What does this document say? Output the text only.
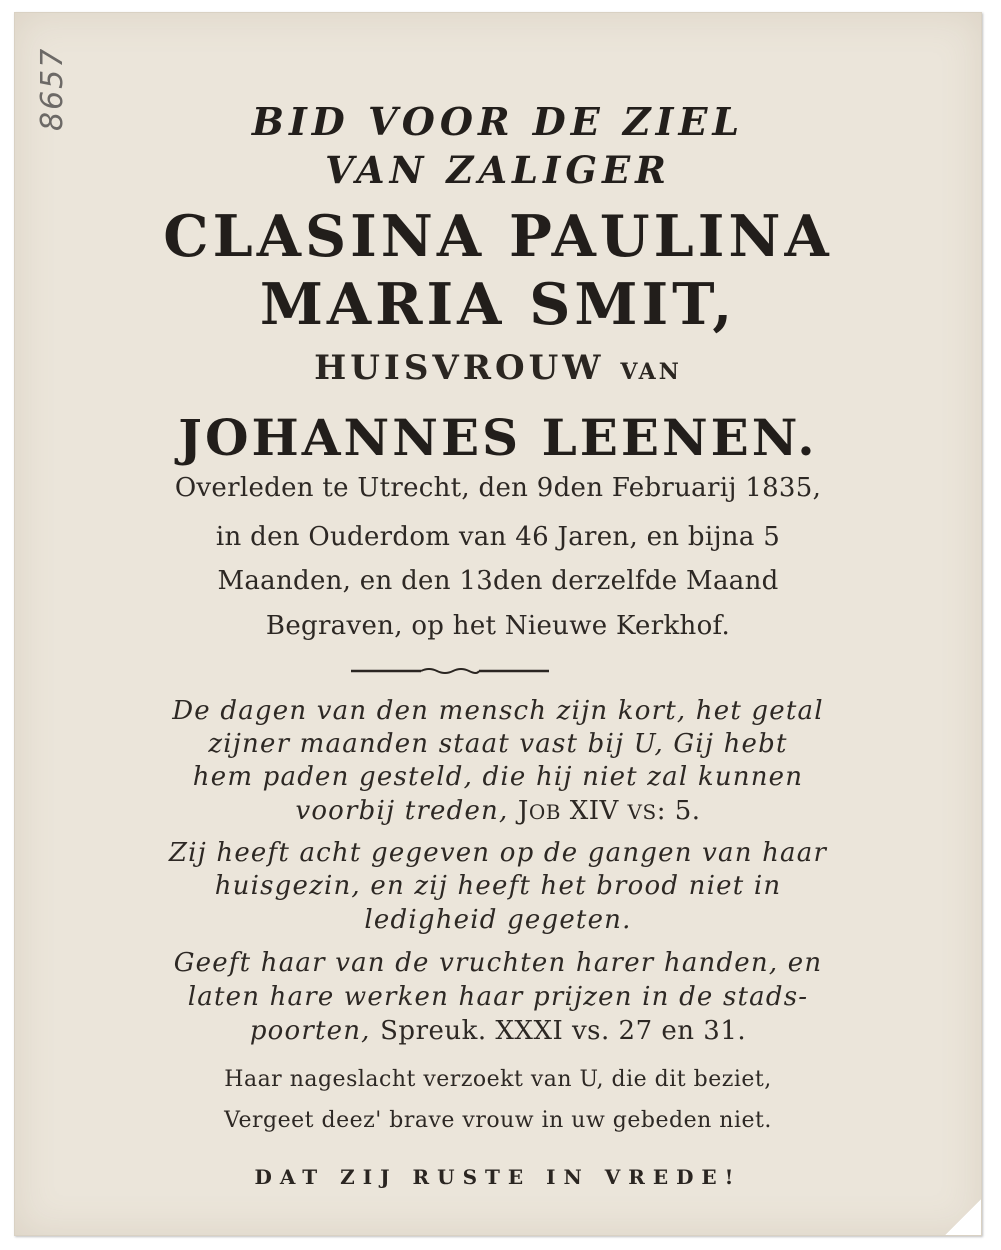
8657	BID VOOR DE ZIEL
VAN ZALIGER
CLASINA PAULINA
MARIA SMIT,
HUISVROUW VAN
JOHANNES LEENEN.
Overleden te Utrecht, den 9den Februarij 1835,
in den Ouderdom van 46 Jaren, en bijna 5
Maanden, en den 13den derzelfde Maand
Begraven, op het Nieuwe Kerkhof.
De dagen van den mensch zijn kort, het getal
zijner maanden staat vast bij U, Gij hebt
hem paden gesteld, die hij niet zal kunnen
voorbij treden, JOB XIV VS: 5.
Zij heeft acht gegeven op de gangen van haar
huisgezin, en zij heeft het brood niet in
ledigheid gegeten.
Geeft haar van de vruchten harer handen, en
laten hare werken haar prijzen in de stads-
poorten, Spreuk. XXXI vs. 27 en 31.
Haar nageslacht verzoekt van U, die dit beziet,
Vergeet deez' brave vrouw in uw gebeden niet.
DAT ZIJ RUSTE IN VREDE!
